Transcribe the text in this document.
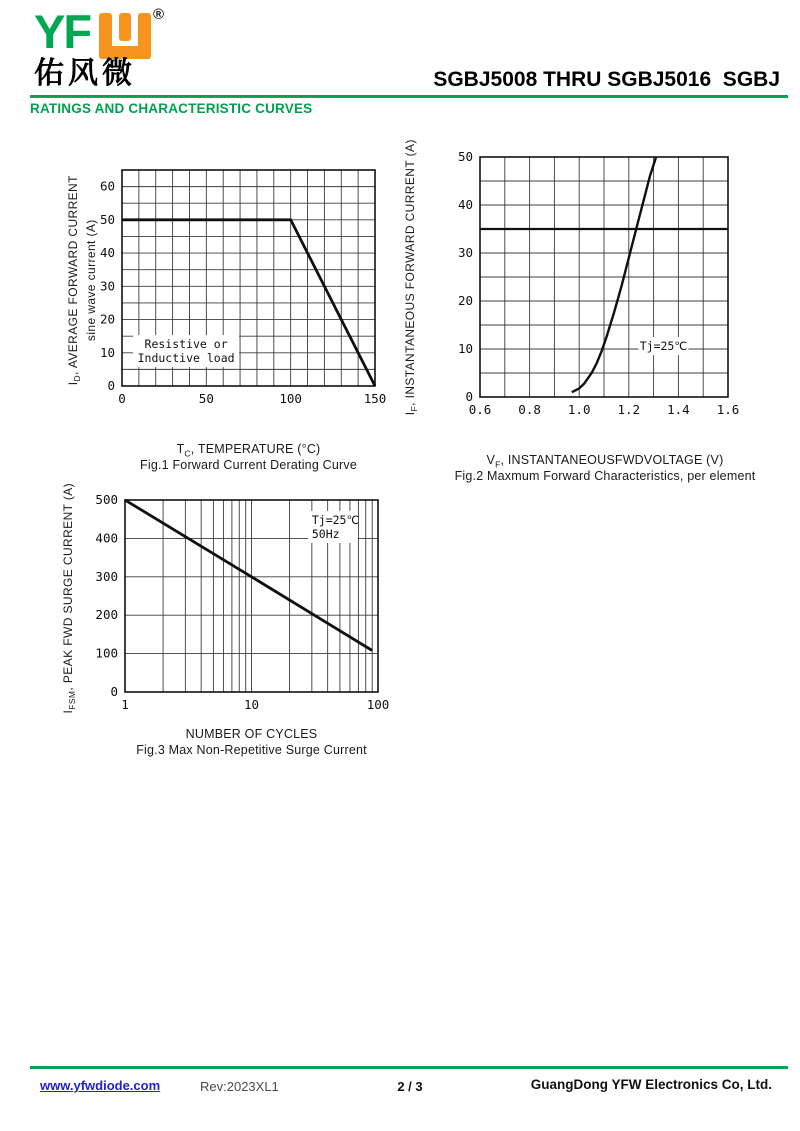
YF	®
佑风微	SGBJ5008 THRU SGBJ5016  SGBJ
RATINGS AND CHARACTERISTIC CURVES
$I_D$, AVERAGE FORWARD CURRENT sine wave current (A)
Resistive or
Inductive load
0	50	100	150
0
10
20
30
40
50
60
$T_C$, TEMPERATURE (°C)
Fig.1 Forward Current Derating Curve
$I_F$, INSTANTANEOUS FORWARD CURRENT (A)	Tj=25℃
0.6 0.8 1.0 1.2 1.4 1.6
0
10
20
30
40
50
$V_F$, INSTANTANEOUSFWDVOLTAGE (V)
Fig.2 Maxmum Forward Characteristics, per element
$I_{FSM}$, PEAK FWD SURGE CURRENT (A)	Tj=25℃
50Hz
1	10	100
0
100
200
300
400
500
NUMBER OF CYCLES
Fig.3 Max Non-Repetitive Surge Current
www.yfwdiode.com	Rev:2023XL1	2 / 3	GuangDong YFW Electronics Co, Ltd.
